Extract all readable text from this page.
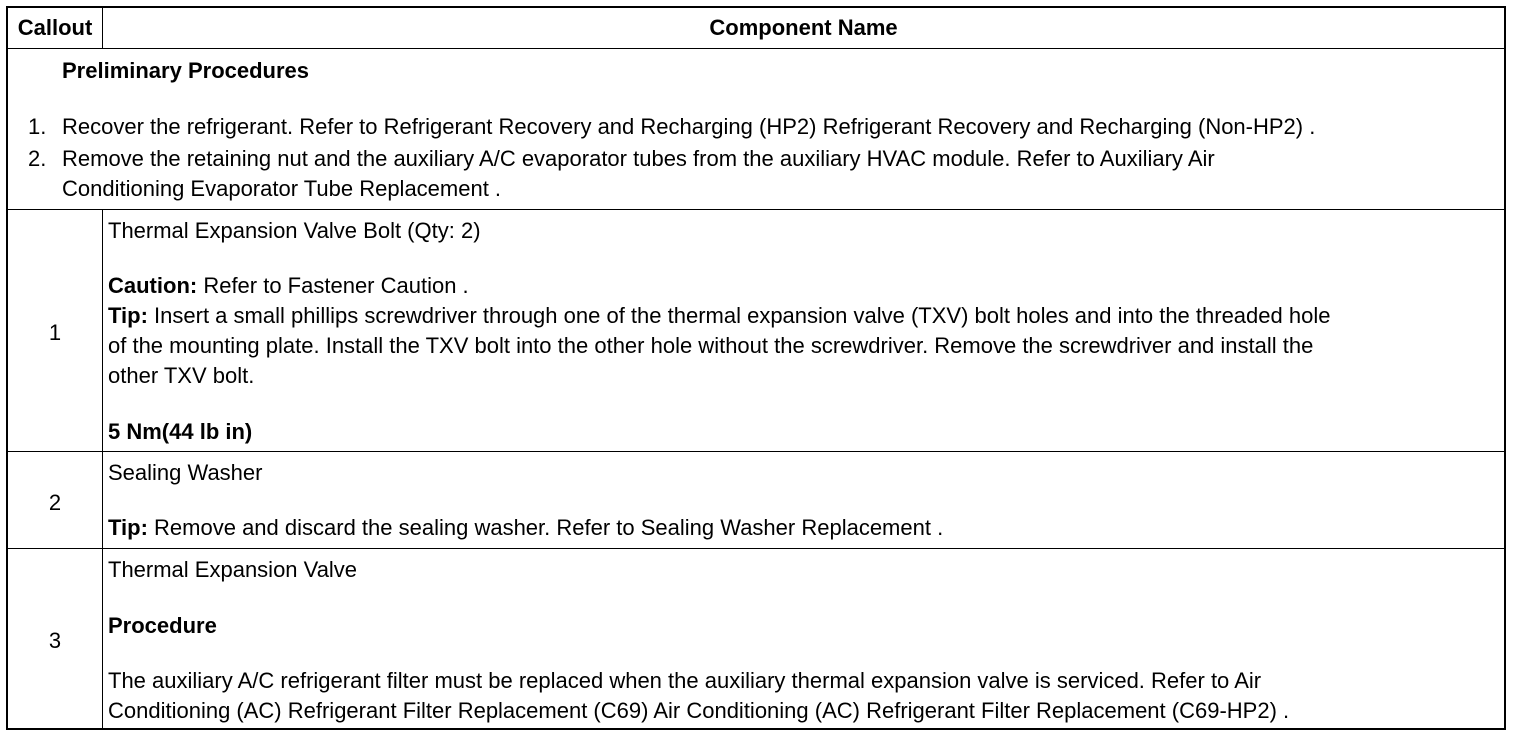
Callout	Component Name
Preliminary Procedures
1. Recover the refrigerant. Refer to Refrigerant Recovery and Recharging (HP2) Refrigerant Recovery and Recharging (Non-HP2) .
2. Remove the retaining nut and the auxiliary A/C evaporator tubes from the auxiliary HVAC module. Refer to Auxiliary Air
Conditioning Evaporator Tube Replacement .
1
Thermal Expansion Valve Bolt (Qty: 2)
Caution: Refer to Fastener Caution .
Tip: Insert a small phillips screwdriver through one of the thermal expansion valve (TXV) bolt holes and into the threaded hole
of the mounting plate. Install the TXV bolt into the other hole without the screwdriver. Remove the screwdriver and install the
other TXV bolt.
5 Nm(44 lb in)
2
Sealing Washer
Tip: Remove and discard the sealing washer. Refer to Sealing Washer Replacement .
3
Thermal Expansion Valve
Procedure
The auxiliary A/C refrigerant filter must be replaced when the auxiliary thermal expansion valve is serviced. Refer to Air
Conditioning (AC) Refrigerant Filter Replacement (C69) Air Conditioning (AC) Refrigerant Filter Replacement (C69-HP2) .
